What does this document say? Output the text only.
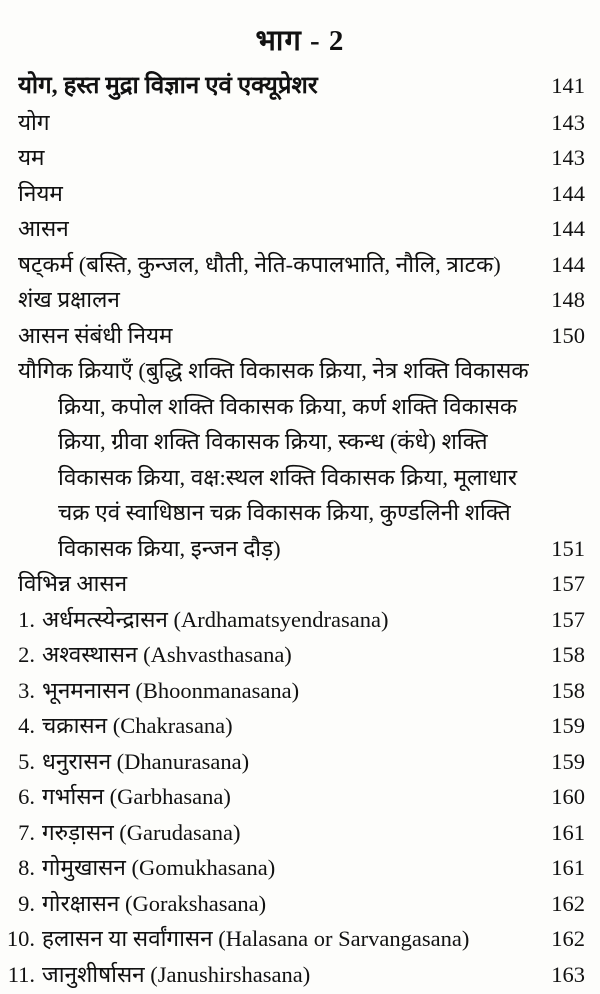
भाग - 2
योग, हस्त मुद्रा विज्ञान एवं एक्यूप्रेशर	141
योग	143
यम	143
नियम	144
आसन	144
षट्कर्म (बस्ति, कुन्जल, धौती, नेति-कपालभाति, नौलि, त्राटक)	144
शंख प्रक्षालन	148
आसन संबंधी नियम	150
यौगिक क्रियाएँ (बुद्धि शक्ति विकासक क्रिया, नेत्र शक्ति विकासक
क्रिया, कपोल शक्ति विकासक क्रिया, कर्ण शक्ति विकासक
क्रिया, ग्रीवा शक्ति विकासक क्रिया, स्कन्ध (कंधे) शक्ति
विकासक क्रिया, वक्ष:स्थल शक्ति विकासक क्रिया, मूलाधार
चक्र एवं स्वाधिष्ठान चक्र विकासक क्रिया, कुण्डलिनी शक्ति
विकासक क्रिया, इन्जन दौड़)	151
विभिन्न आसन	157
1. अर्धमत्स्येन्द्रासन (Ardhamatsyendrasana)	157
2. अश्वस्थासन (Ashvasthasana)	158
3. भूनमनासन (Bhoonmanasana)	158
4. चक्रासन (Chakrasana)	159
5. धनुरासन (Dhanurasana)	159
6. गर्भासन (Garbhasana)	160
7. गरुड़ासन (Garudasana)	161
8. गोमुखासन (Gomukhasana)	161
9. गोरक्षासन (Gorakshasana)	162
10. हलासन या सर्वांगासन (Halasana or Sarvangasana)	162
11. जानुशीर्षासन (Janushirshasana)	163
